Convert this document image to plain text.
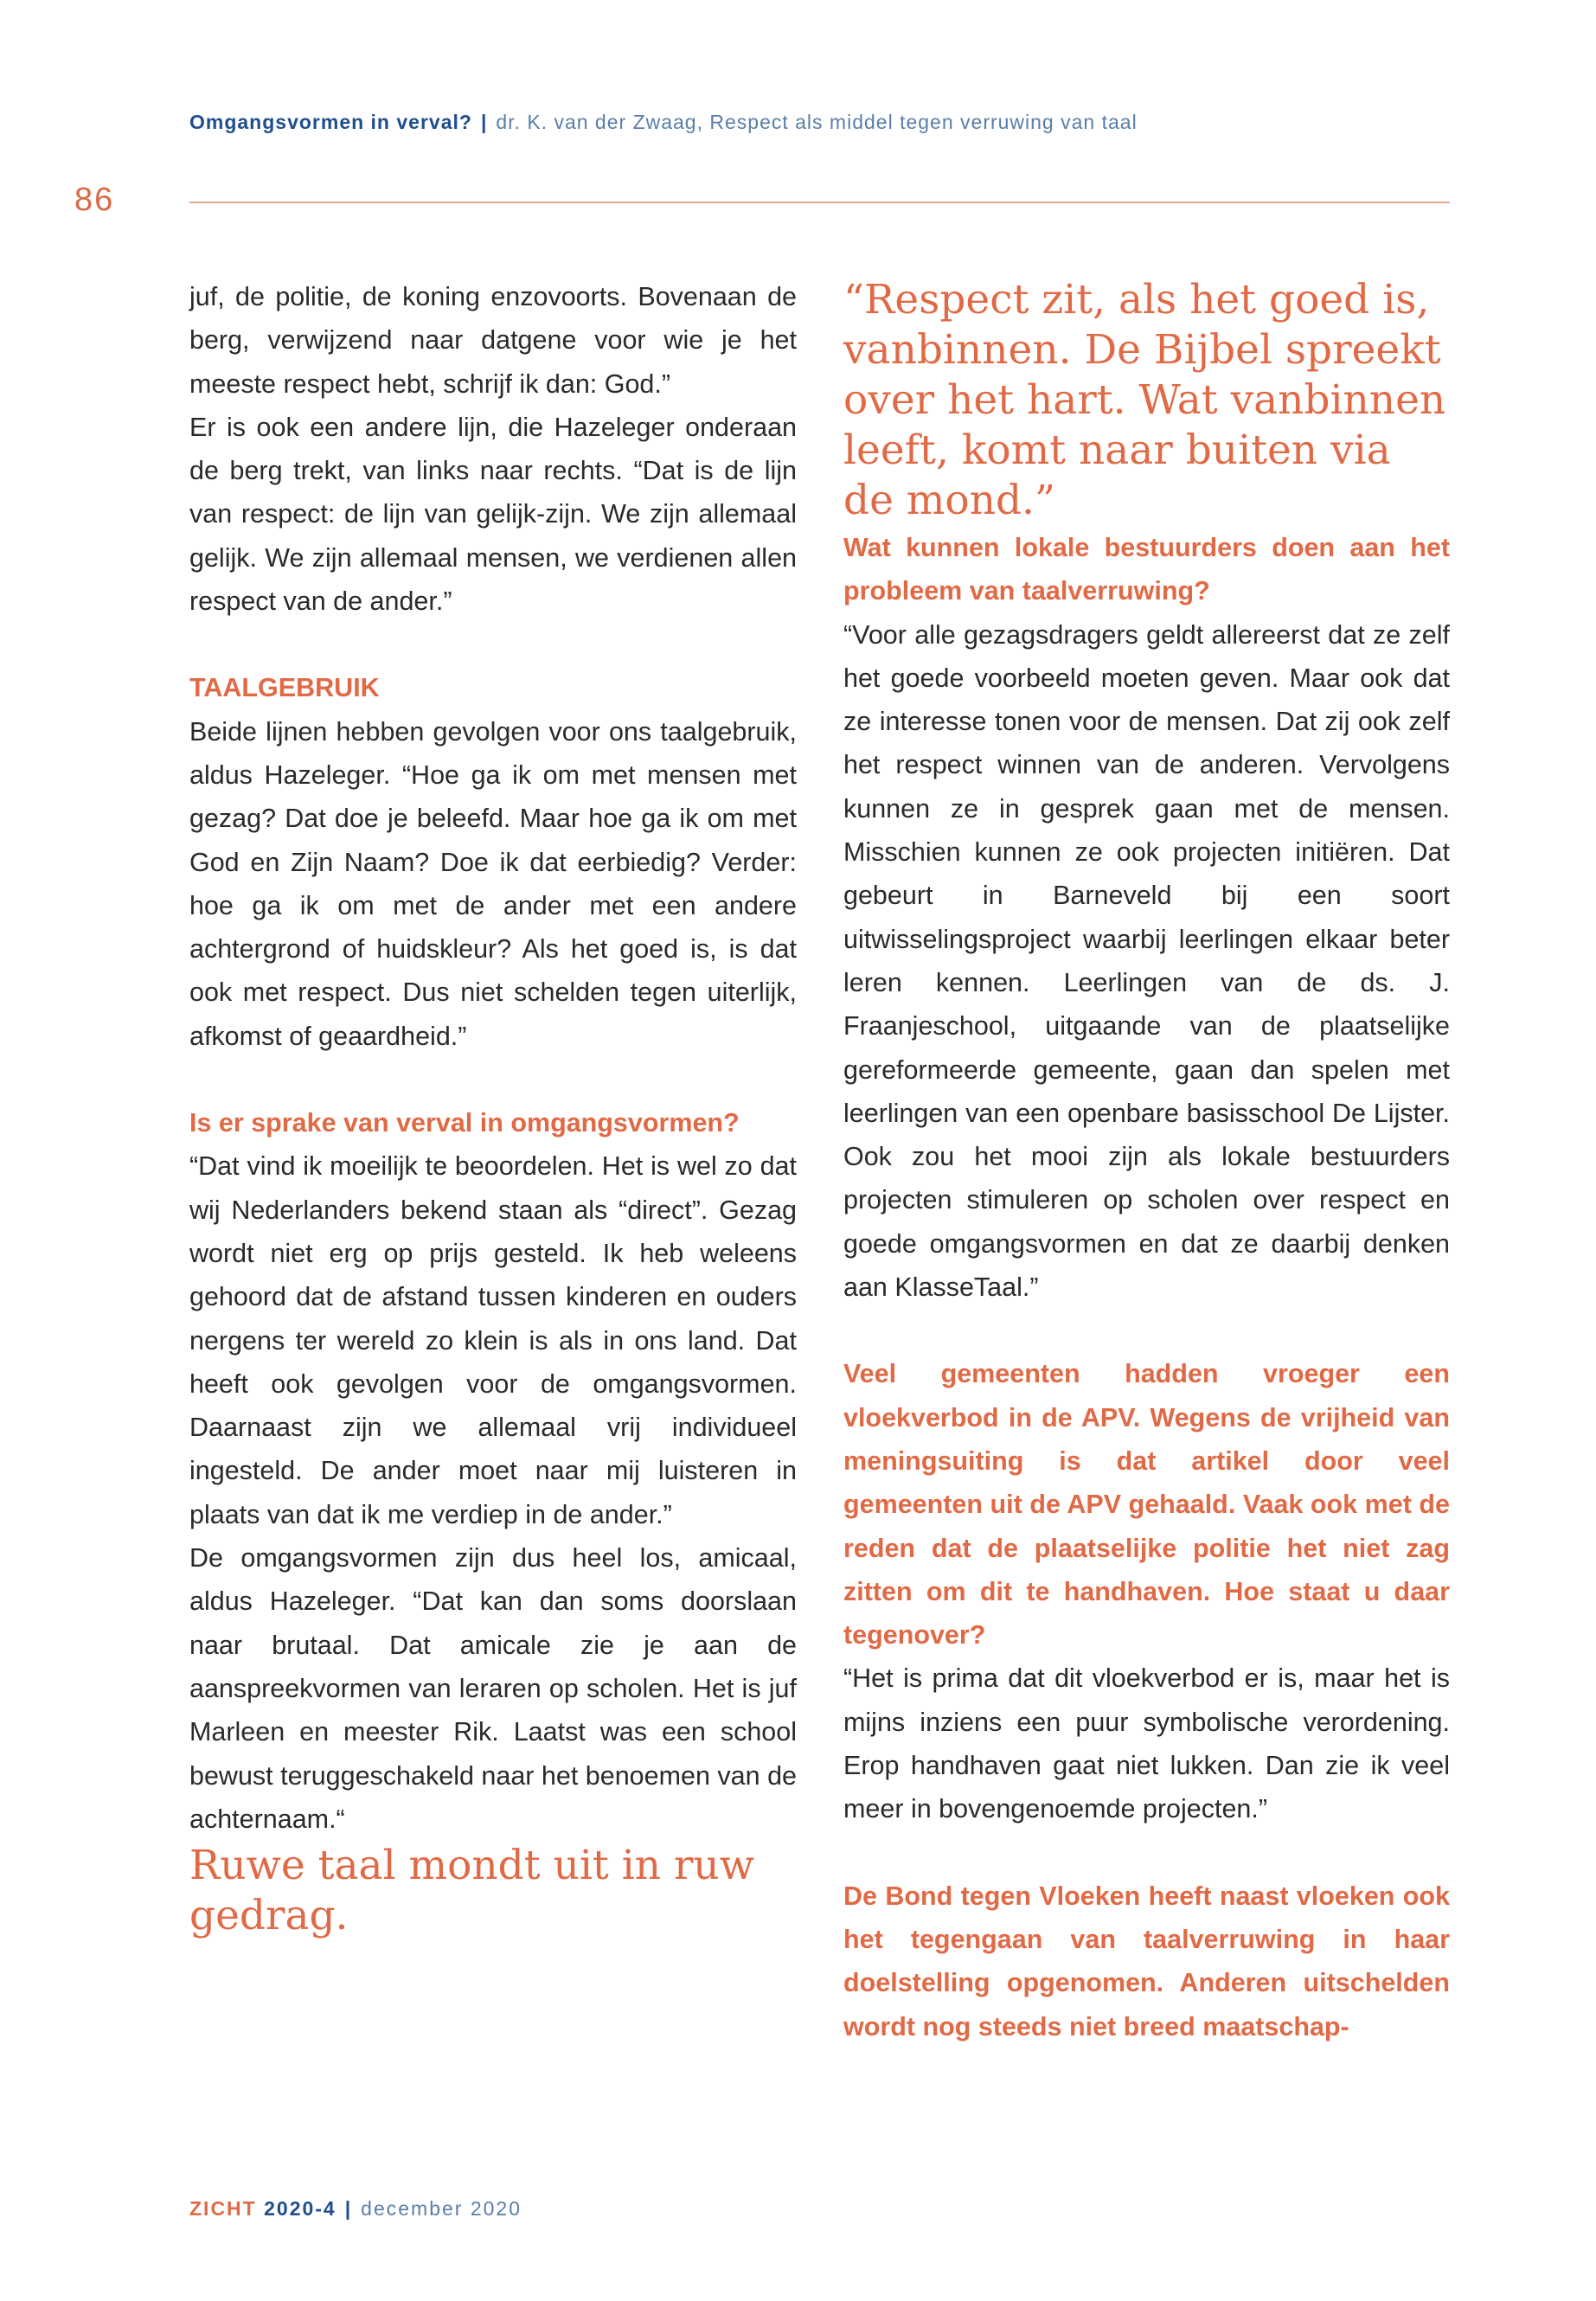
Omgangsvormen in verval? | dr. K. van der Zwaag, Respect als middel tegen verruwing van taal
86

juf, de politie, de koning enzovoorts. Bovenaan de berg, verwijzend naar datgene voor wie je het meeste respect hebt, schrijf ik dan: God.”

Er is ook een andere lijn, die Hazeleger onderaan de berg trekt, van links naar rechts. “Dat is de lijn van respect: de lijn van gelijk-zijn. We zijn allemaal gelijk. We zijn allemaal mensen, we verdienen allen respect van de ander.”

TAALGEBRUIK

Beide lijnen hebben gevolgen voor ons taalgebruik, aldus Hazeleger. “Hoe ga ik om met mensen met gezag? Dat doe je beleefd. Maar hoe ga ik om met God en Zijn Naam? Doe ik dat eerbiedig? Verder: hoe ga ik om met de ander met een andere achtergrond of huidskleur? Als het goed is, is dat ook met respect. Dus niet schelden tegen uiterlijk, afkomst of geaardheid.”

Is er sprake van verval in omgangsvormen?

“Dat vind ik moeilijk te beoordelen. Het is wel zo dat wij Nederlanders bekend staan als “direct”. Gezag wordt niet erg op prijs gesteld. Ik heb weleens gehoord dat de afstand tussen kinderen en ouders nergens ter wereld zo klein is als in ons land. Dat heeft ook gevolgen voor de omgangsvormen. Daarnaast zijn we allemaal vrij individueel ingesteld. De ander moet naar mij luisteren in plaats van dat ik me verdiep in de ander.”

De omgangsvormen zijn dus heel los, amicaal, aldus Hazeleger. “Dat kan dan soms doorslaan naar brutaal. Dat amicale zie je aan de aanspreekvormen van leraren op scholen. Het is juf Marleen en meester Rik. Laatst was een school bewust teruggeschakeld naar het benoemen van de achternaam.“

Ruwe taal mondt uit in ruw gedrag.

“Respect zit, als het goed is, vanbinnen. De Bijbel spreekt over het hart. Wat vanbinnen leeft, komt naar buiten via de mond.”

Wat kunnen lokale bestuurders doen aan het probleem van taalverruwing?

“Voor alle gezagsdragers geldt allereerst dat ze zelf het goede voorbeeld moeten geven. Maar ook dat ze interesse tonen voor de mensen. Dat zij ook zelf het respect winnen van de anderen. Vervolgens kunnen ze in gesprek gaan met de mensen. Misschien kunnen ze ook projecten initiëren. Dat gebeurt in Barneveld bij een soort uitwisselingsproject waarbij leerlingen elkaar beter leren kennen. Leerlingen van de ds. J. Fraanjeschool, uitgaande van de plaatselijke gereformeerde gemeente, gaan dan spelen met leerlingen van een openbare basisschool De Lijster. Ook zou het mooi zijn als lokale bestuurders projecten stimuleren op scholen over respect en goede omgangsvormen en dat ze daarbij denken aan KlasseTaal.”

Veel gemeenten hadden vroeger een vloekverbod in de APV. Wegens de vrijheid van meningsuiting is dat artikel door veel gemeenten uit de APV gehaald. Vaak ook met de reden dat de plaatselijke politie het niet zag zitten om dit te handhaven. Hoe staat u daar tegenover?

“Het is prima dat dit vloekverbod er is, maar het is mijns inziens een puur symbolische verordening. Erop handhaven gaat niet lukken. Dan zie ik veel meer in bovengenoemde projecten.”

De Bond tegen Vloeken heeft naast vloeken ook het tegengaan van taalverruwing in haar doelstelling opgenomen. Anderen uitschelden wordt nog steeds niet breed maatschap-

ZICHT 2020-4 | december 2020
